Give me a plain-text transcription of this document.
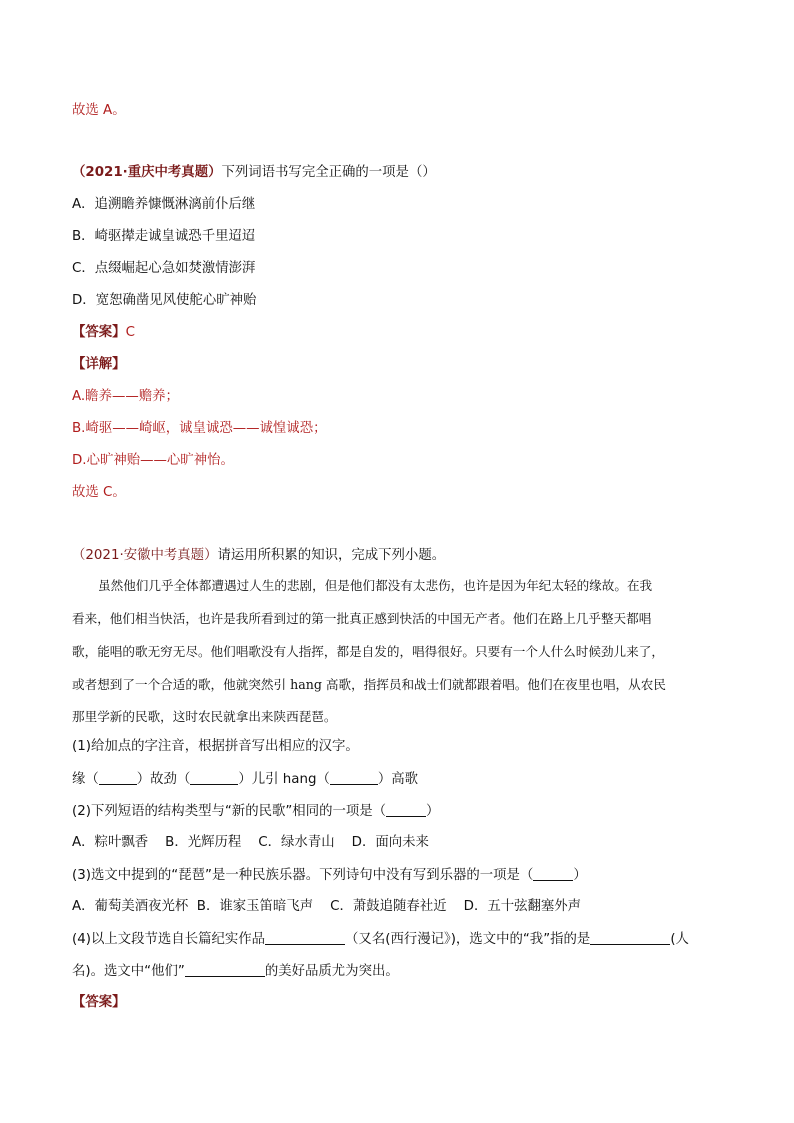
故选 A。
（2021·重庆中考真题）下列词语书写完全正确的一项是（）
A．追溯瞻养慷慨淋漓前仆后继
B．崎驱撵走诚皇诚恐千里迢迢
C．点缀崛起心急如焚激情澎湃
D．宽恕确凿见风使舵心旷神贻
【答案】C
【详解】
A.瞻养——赡养；
B.崎驱——崎岖，诚皇诚恐——诚惶诚恐；
D.心旷神贻——心旷神怡。
故选 C。
（2021·安徽中考真题）请运用所积累的知识，完成下列小题。
虽然他们几乎全体都遭遇过人生的悲剧，但是他们都没有太悲伤，也许是因为年纪太轻的缘故。在我
看来，他们相当快活，也许是我所看到过的第一批真正感到快活的中国无产者。他们在路上几乎整天都唱
歌，能唱的歌无穷无尽。他们唱歌没有人指挥，都是自发的，唱得很好。只要有一个人什么时候劲儿来了，
或者想到了一个合适的歌，他就突然引 hang 高歌，指挥员和战士们就都跟着唱。他们在夜里也唱，从农民
那里学新的民歌，这时农民就拿出来陕西琵琶。
(1)给加点的字注音，根据拼音写出相应的汉字。
缘（	）故劲（	）儿引 hang（	）高歌
(2)下列短语的结构类型与“新的民歌”相同的一项是（	）
A．粽叶飘香    B．光辉历程    C．绿水青山    D．面向未来
(3)选文中提到的“琵琶”是一种民族乐器。下列诗句中没有写到乐器的一项是（	）
A．葡萄美酒夜光杯  B．谁家玉笛暗飞声    C．萧鼓追随春社近    D．五十弦翻塞外声
(4)以上文段节选自长篇纪实作品	（又名(西行漫记》)，选文中的“我”指的是	(人
名)。选文中“他们”	的美好品质尤为突出。
【答案】
